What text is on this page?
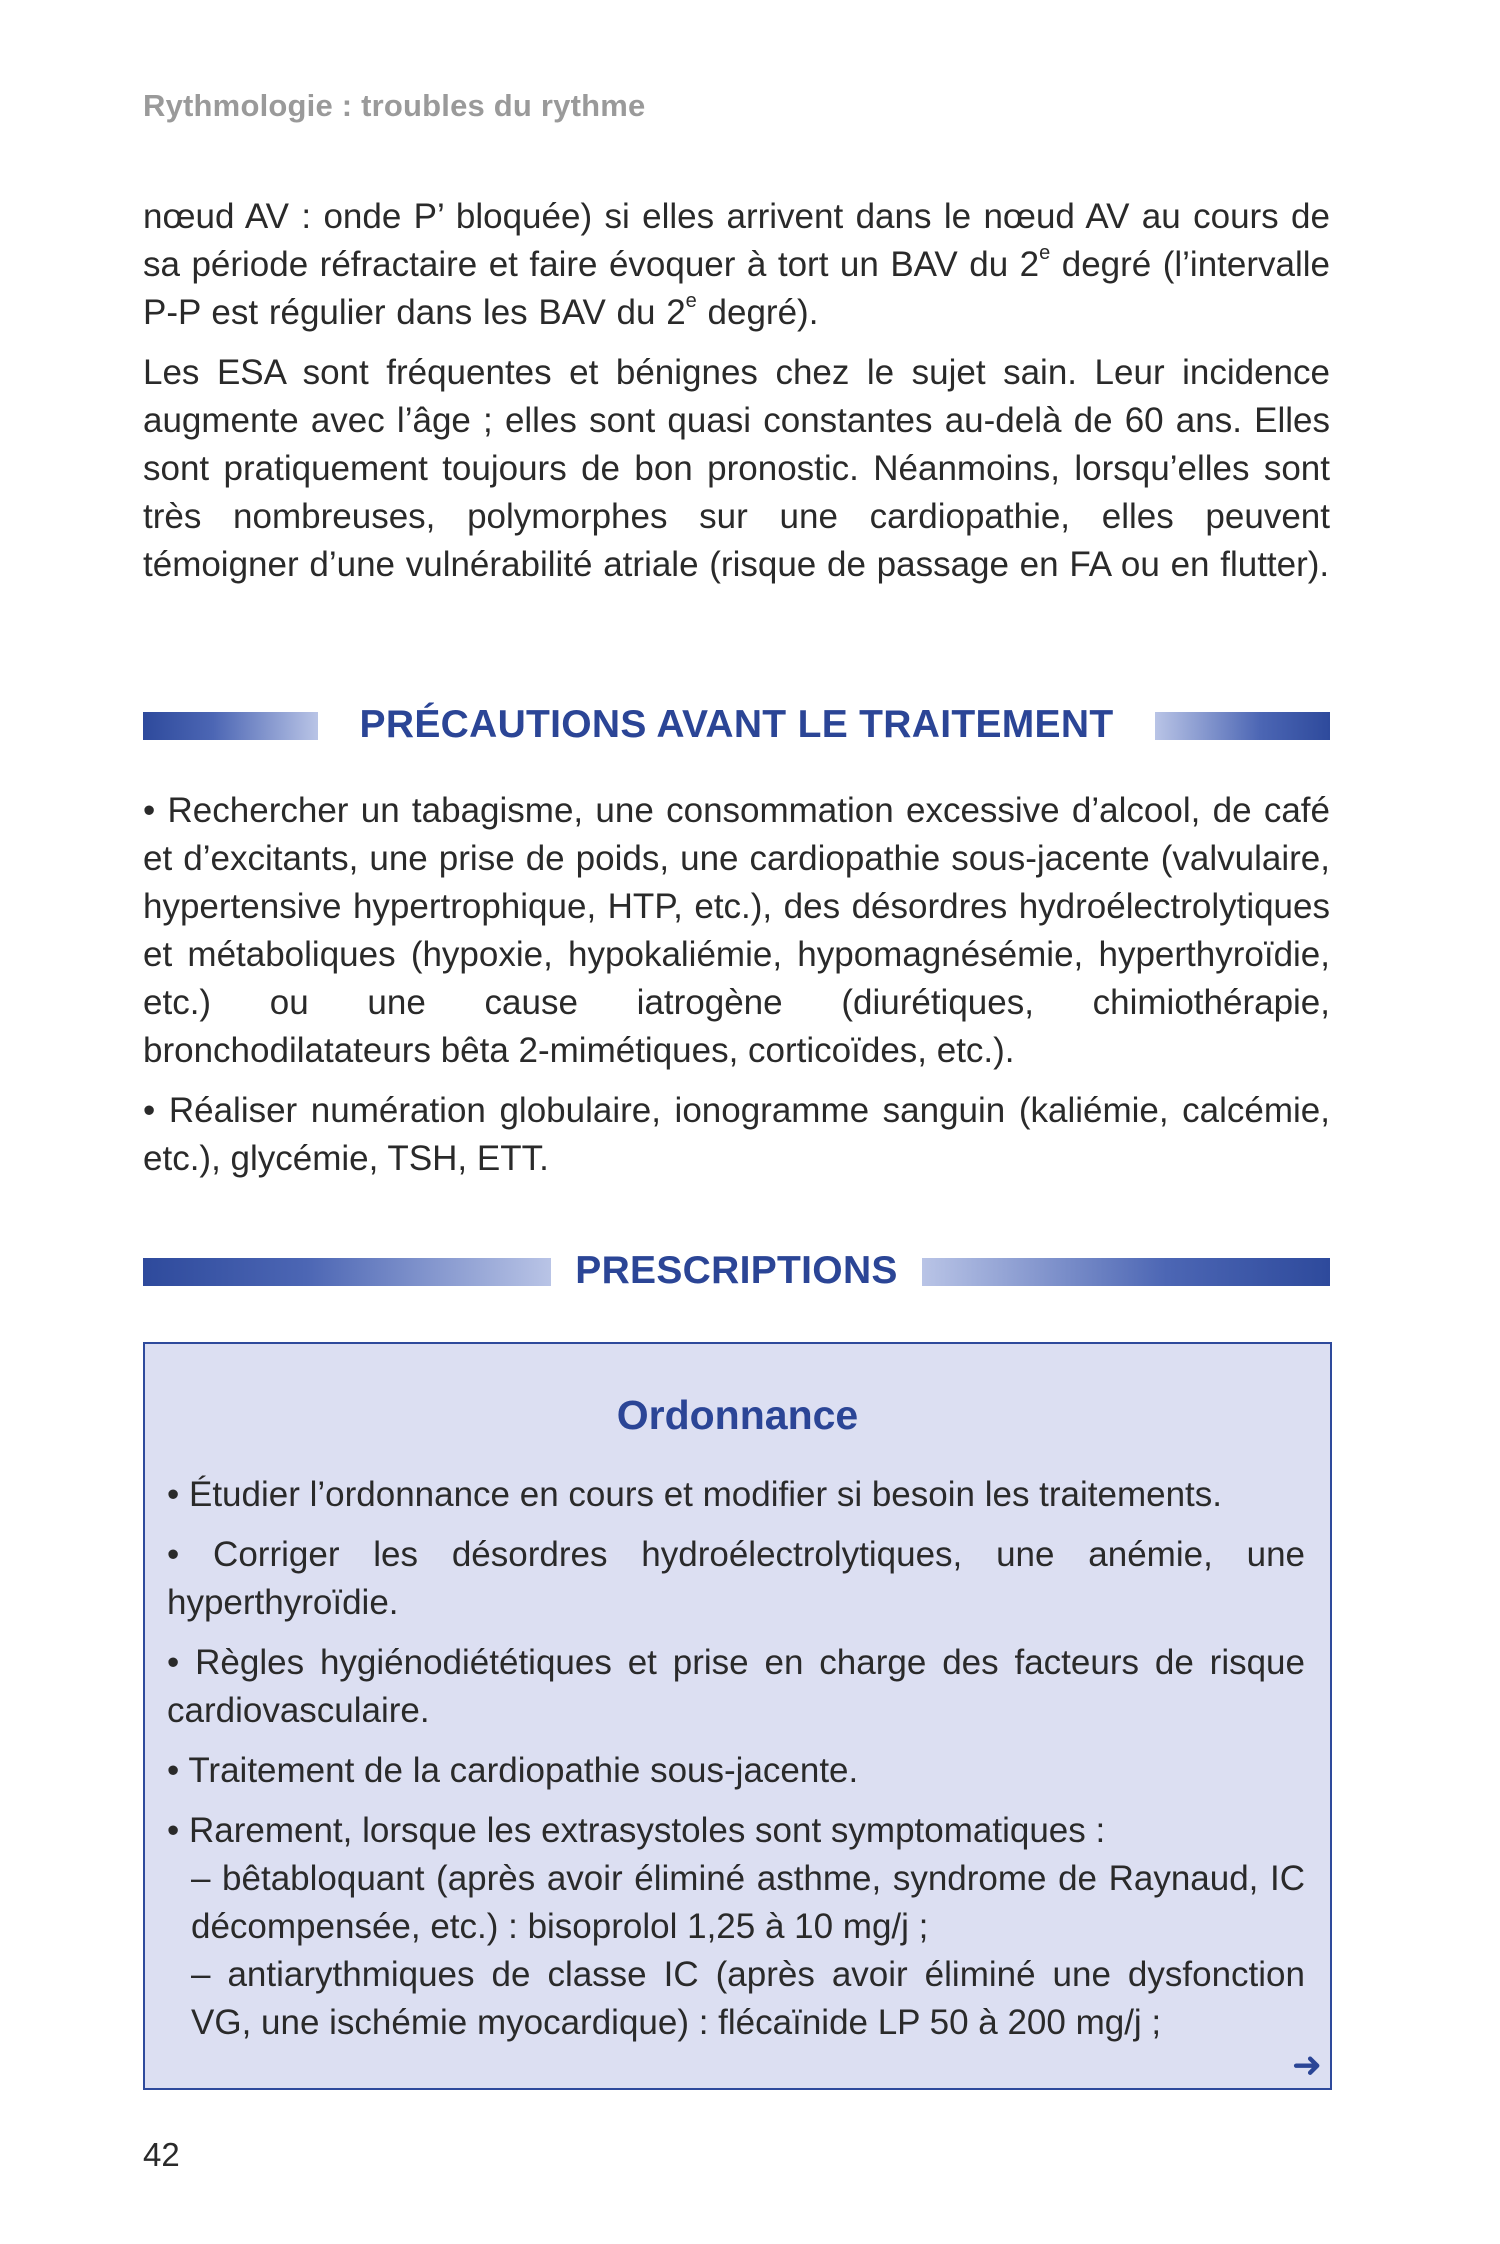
Rythmologie : troubles du rythme

nœud AV : onde P’ bloquée) si elles arrivent dans le nœud AV au cours de sa période réfractaire et faire évoquer à tort un BAV du 2e degré (l’intervalle P-P est régulier dans les BAV du 2e degré).

Les ESA sont fréquentes et bénignes chez le sujet sain. Leur incidence augmente avec l’âge ; elles sont quasi constantes au-delà de 60 ans. Elles sont pratiquement toujours de bon pronostic. Néanmoins, lorsqu’elles sont très nombreuses, polymorphes sur une cardiopathie, elles peuvent témoigner d’une vulnérabilité atriale (risque de passage en FA ou en flutter).

PRÉCAUTIONS AVANT LE TRAITEMENT

• Rechercher un tabagisme, une consommation excessive d’alcool, de café et d’excitants, une prise de poids, une cardiopathie sous-jacente (valvulaire, hypertensive hypertrophique, HTP, etc.), des désordres hydroélectrolytiques et métaboliques (hypoxie, hypokaliémie, hypomagnésémie, hyperthyroïdie, etc.) ou une cause iatrogène (diurétiques, chimiothérapie, bronchodilatateurs bêta 2-mimétiques, corticoïdes, etc.).

• Réaliser numération globulaire, ionogramme sanguin (kaliémie, calcémie, etc.), glycémie, TSH, ETT.

PRESCRIPTIONS
Ordonnance

• Étudier l’ordonnance en cours et modifier si besoin les traitements.

• Corriger les désordres hydroélectrolytiques, une anémie, une hyperthyroïdie.

• Règles hygiénodiététiques et prise en charge des facteurs de risque cardiovasculaire.

• Traitement de la cardiopathie sous-jacente.

• Rarement, lorsque les extrasystoles sont symptomatiques :
– bêtabloquant (après avoir éliminé asthme, syndrome de Raynaud, IC décompensée, etc.) : bisoprolol 1,25 à 10 mg/j ;
– antiarythmiques de classe IC (après avoir éliminé une dysfonction VG, une ischémie myocardique) : flécaïnide LP 50 à 200 mg/j ;
➜
42
